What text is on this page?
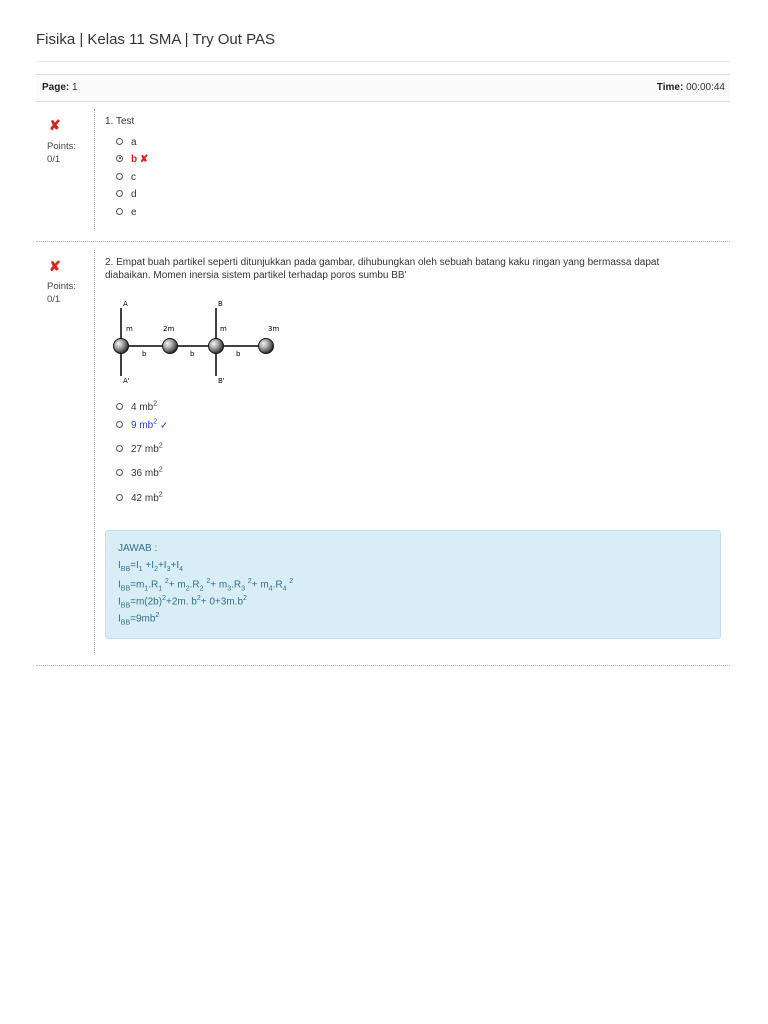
Fisika | Kelas 11 SMA | Try Out PAS
Page: 1	Time: 00:00:44
✘
Points:
0/1
1. Test
a
b ✘
c
d
e
✘
Points:
0/1
2. Empat buah partikel seperti ditunjukkan pada gambar, dihubungkan oleh sebuah batang kaku ringan yang bermassa dapat diabaikan. Momen inersia sistem partikel terhadap poros sumbu BB'
A	B
A'	B'
m	2m	m	3m
b	b	b
4 $mb^2$
9 $mb^2$ ✓
27 $mb^2$
36 $mb^2$
42 $mb^2$
JAWAB :
$I_{BB}=I_1 +I_2+I_3+I_4$
$I_{BB}=m_1.R_1$ $^2+ m_2.R_2$ $^2+ m_3.R_3$ $^2+ m_4.R_4$ $^2$
$I_{BB}=m(2b)^2+2m$. $b^2+ 0+3m.b^2$
$I_{BB}=9mb^2$
